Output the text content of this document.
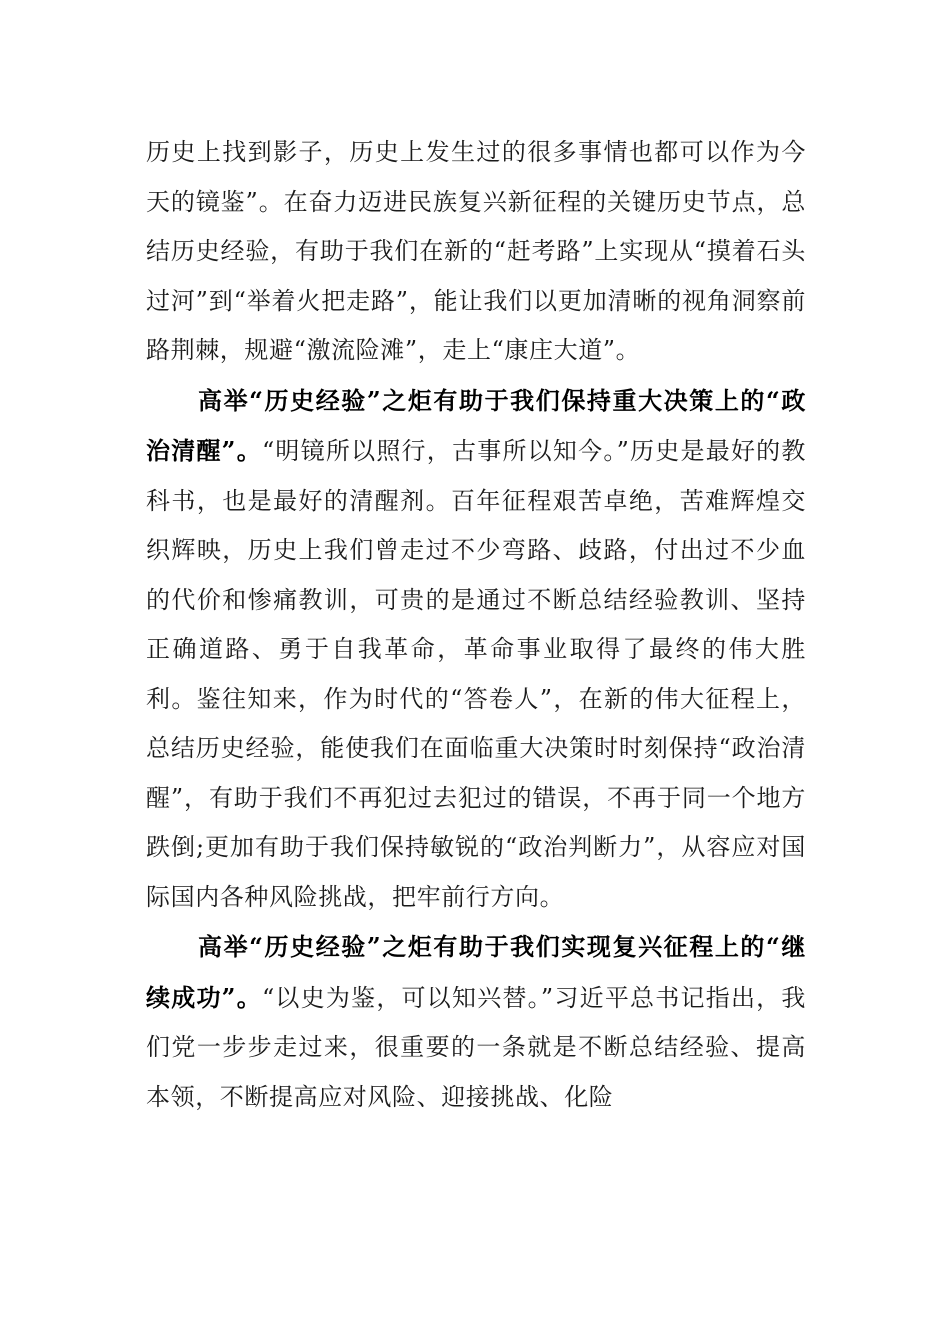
历史上找到影子，历史上发生过的很多事情也都可以作为今天的镜鉴”。在奋力迈进民族复兴新征程的关键历史节点，总结历史经验，有助于我们在新的“赶考路”上实现从“摸着石头过河”到“举着火把走路”，能让我们以更加清晰的视角洞察前路荆棘，规避“激流险滩”，走上“康庄大道”。

高举“历史经验”之炬有助于我们保持重大决策上的“政治清醒”。“明镜所以照行，古事所以知今。”历史是最好的教科书，也是最好的清醒剂。百年征程艰苦卓绝，苦难辉煌交织辉映，历史上我们曾走过不少弯路、歧路，付出过不少血的代价和惨痛教训，可贵的是通过不断总结经验教训、坚持正确道路、勇于自我革命，革命事业取得了最终的伟大胜利。鉴往知来，作为时代的“答卷人”，在新的伟大征程上，总结历史经验，能使我们在面临重大决策时时刻保持“政治清醒”，有助于我们不再犯过去犯过的错误，不再于同一个地方跌倒;更加有助于我们保持敏锐的“政治判断力”，从容应对国际国内各种风险挑战，把牢前行方向。

高举“历史经验”之炬有助于我们实现复兴征程上的“继续成功”。“以史为鉴，可以知兴替。”习近平总书记指出，我们党一步步走过来，很重要的一条就是不断总结经验、提高本领，不断提高应对风险、迎接挑战、化险
